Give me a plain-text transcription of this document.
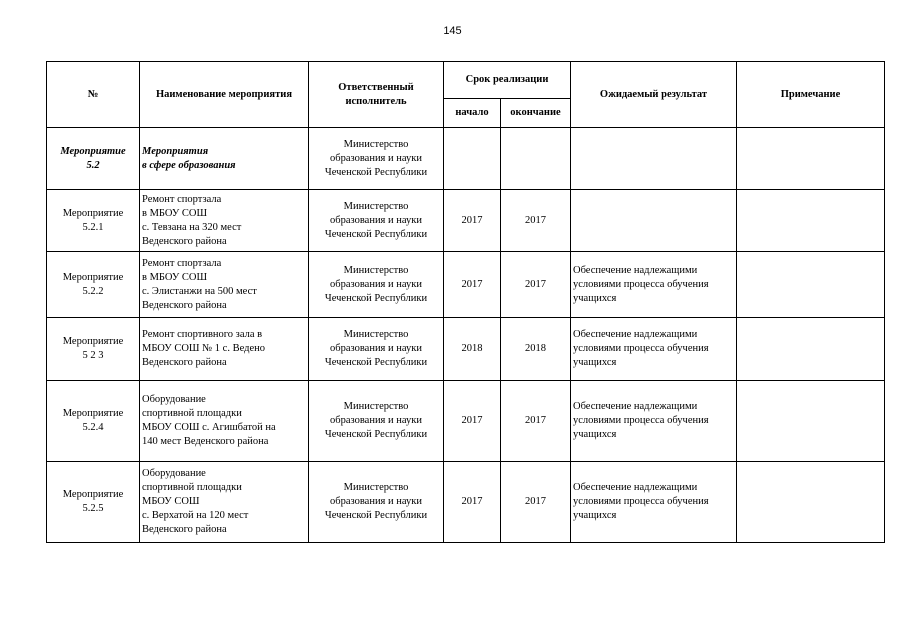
145
№	Наименование мероприятия	Ответственный
исполнитель	Срок реализации		Ожидаемый результат	Примечание
			начало	окончание		

Мероприятие
5.2	Мероприятия
в сфере образования	Министерство
образования и науки
Чеченской Республики				

Мероприятие
5.2.1	Ремонт спортзала
в МБОУ СОШ
с. Тевзана на 320 мест
Веденского района	Министерство
образования и науки
Чеченской Республики	2017	2017		

Мероприятие
5.2.2	Ремонт спортзала
в МБОУ СОШ
с. Элистанжи на 500 мест
Веденского района	Министерство
образования и науки
Чеченской Республики	2017	2017	Обеспечение надлежащими
условиями процесса обучения
учащихся	

Мероприятие
5 2 3	Ремонт спортивного зала в
МБОУ СОШ № 1 с. Ведено
Веденского района	Министерство
образования и науки
Чеченской Республики	2018	2018	Обеспечение надлежащими
условиями процесса обучения
учащихся	

Мероприятие
5.2.4	Оборудование
спортивной площадки
МБОУ СОШ с. Агишбатой на
140 мест Веденского района	Министерство
образования и науки
Чеченской Республики	2017	2017	Обеспечение надлежащими
условиями процесса обучения
учащихся	

Мероприятие
5.2.5	Оборудование
спортивной площадки
МБОУ СОШ
с. Верхатой на 120 мест
Веденского района	Министерство
образования и науки
Чеченской Республики	2017	2017	Обеспечение надлежащими
условиями процесса обучения
учащихся	
